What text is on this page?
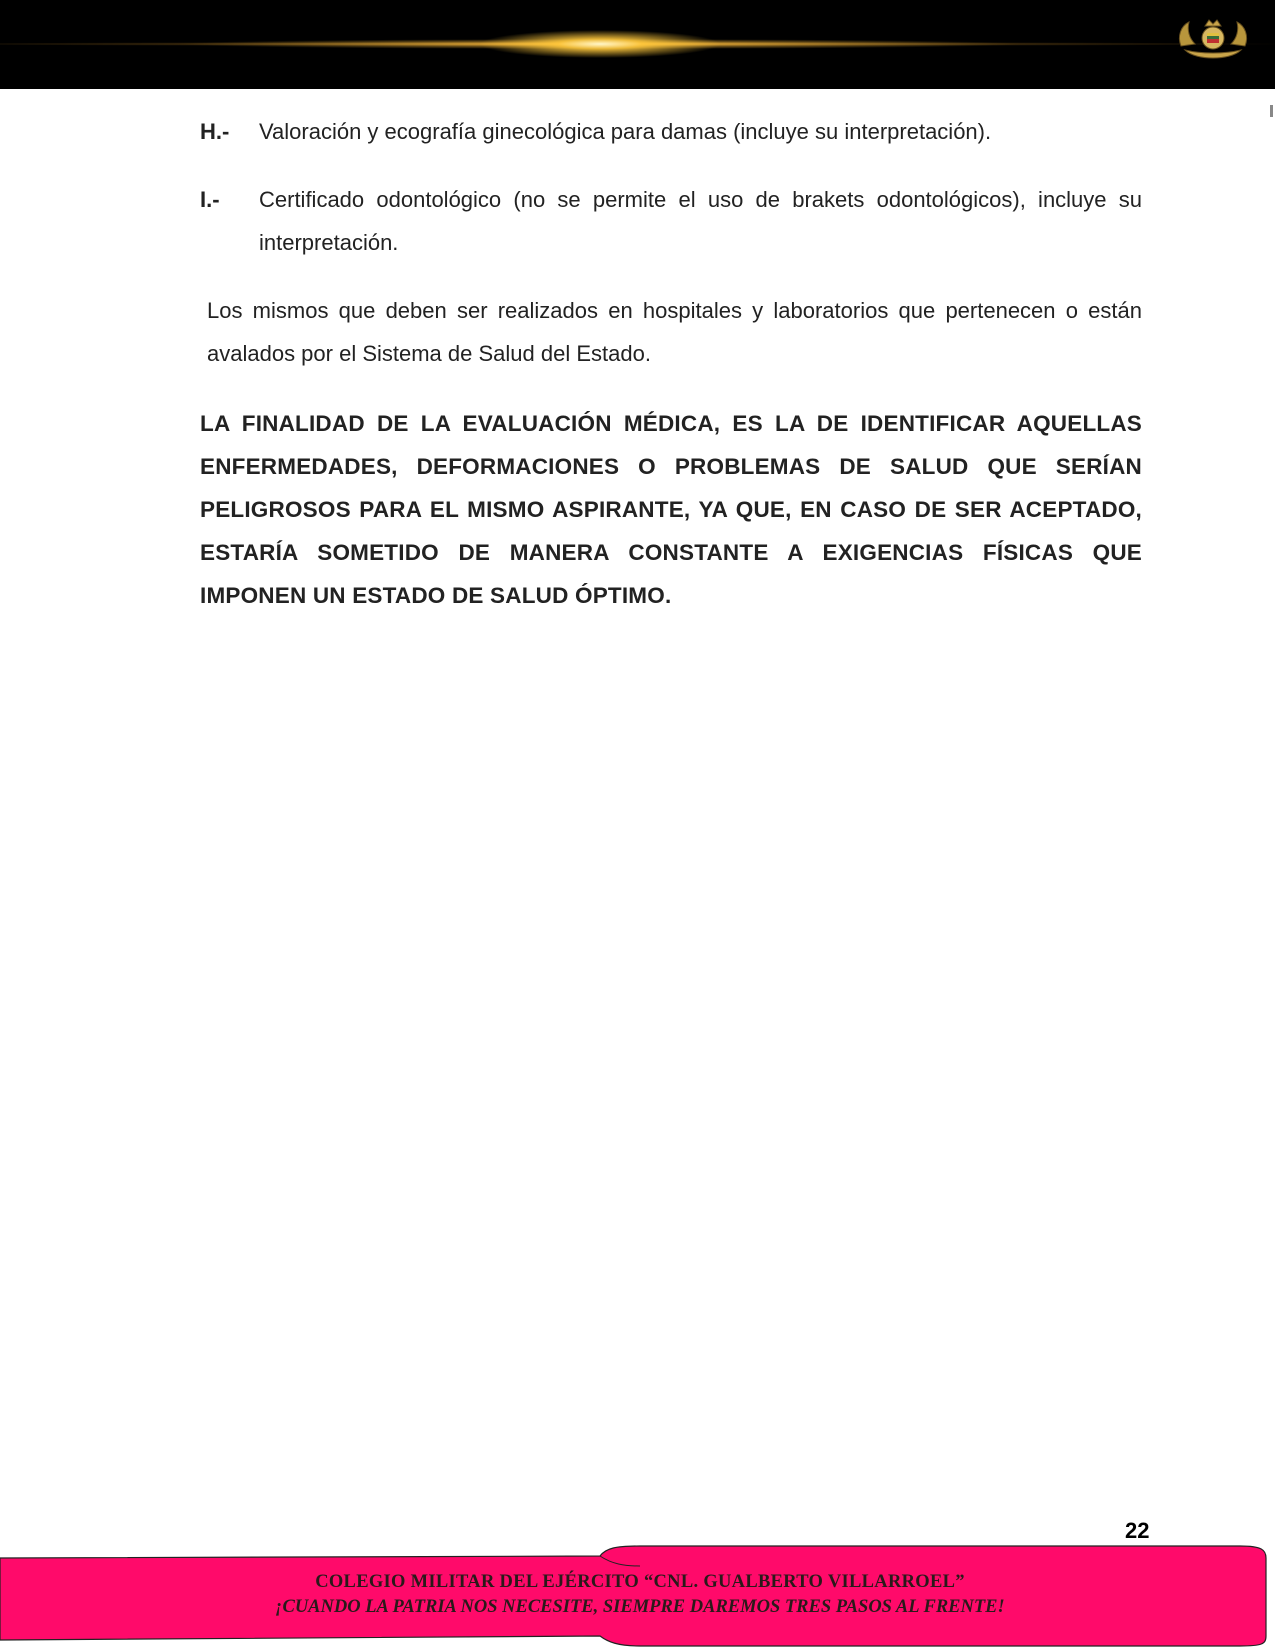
H.-	Valoración y ecografía ginecológica para damas (incluye su interpretación).
I.-	Certificado odontológico (no se permite el uso de brakets odontológicos), incluye su interpretación.

Los mismos que deben ser realizados en hospitales y laboratorios que pertenecen o están avalados por el Sistema de Salud del Estado.

LA FINALIDAD DE LA EVALUACIÓN MÉDICA, ES LA DE IDENTIFICAR AQUELLAS ENFERMEDADES, DEFORMACIONES O PROBLEMAS DE SALUD QUE SERÍAN PELIGROSOS PARA EL MISMO ASPIRANTE, YA QUE, EN CASO DE SER ACEPTADO, ESTARÍA SOMETIDO DE MANERA CONSTANTE A EXIGENCIAS FÍSICAS QUE IMPONEN UN ESTADO DE SALUD ÓPTIMO.

22
COLEGIO MILITAR DEL EJÉRCITO “CNL. GUALBERTO VILLARROEL”
¡CUANDO LA PATRIA NOS NECESITE, SIEMPRE DAREMOS TRES PASOS AL FRENTE!
